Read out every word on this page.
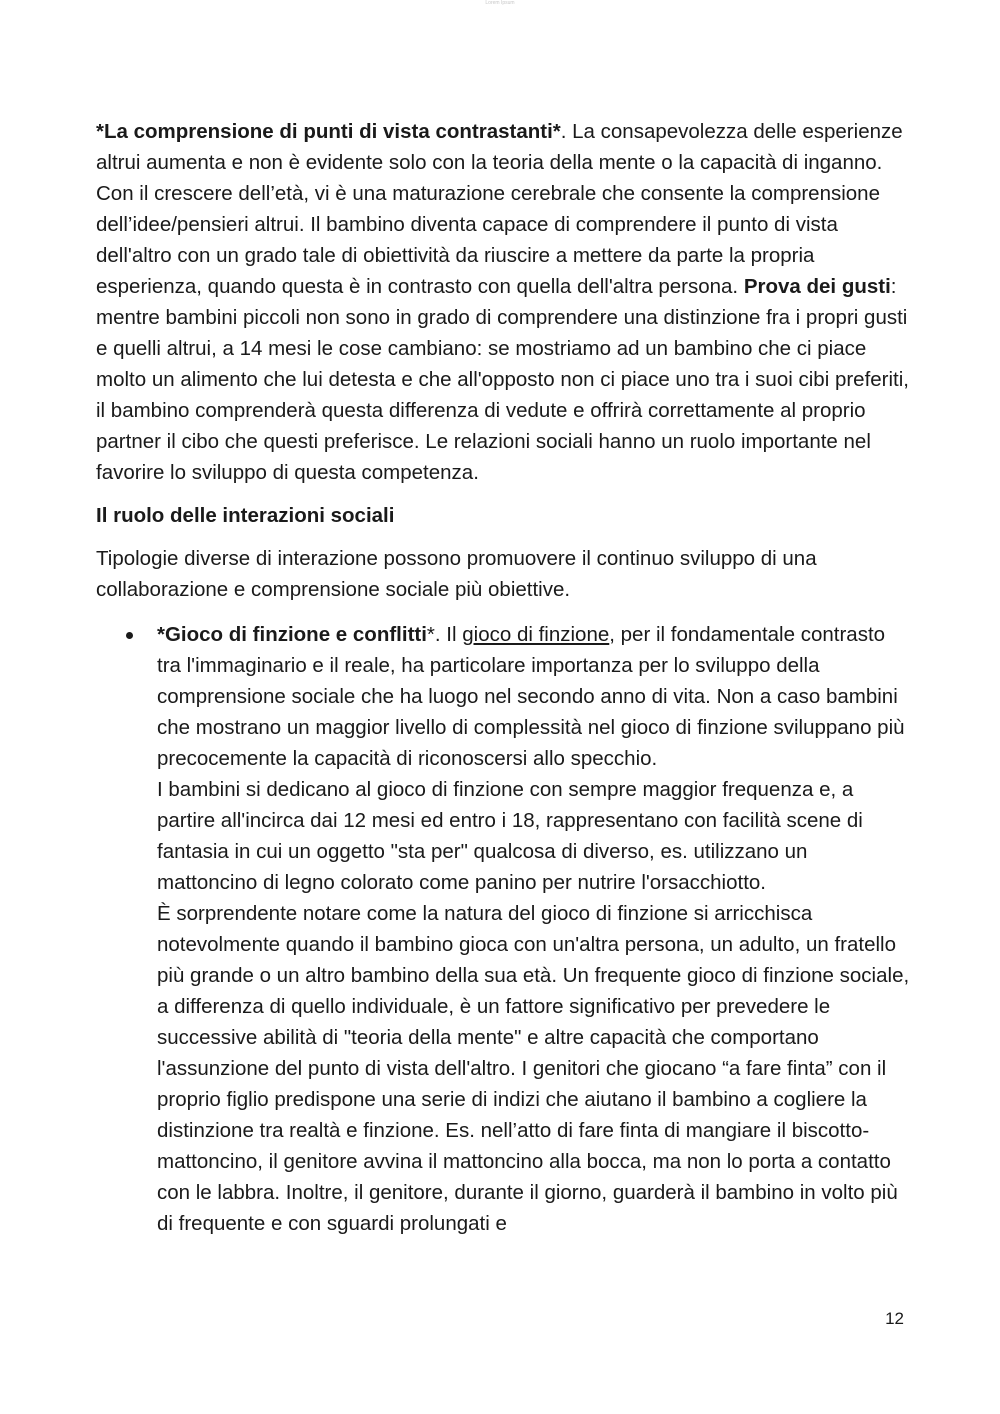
Lorem Ipsum

*La comprensione di punti di vista contrastanti*. La consapevolezza delle esperienze altrui aumenta e non è evidente solo con la teoria della mente o la capacità di inganno. Con il crescere dell’età, vi è una maturazione cerebrale che consente la comprensione dell’idee/pensieri altrui. Il bambino diventa capace di comprendere il punto di vista dell'altro con un grado tale di obiettività da riuscire a mettere da parte la propria esperienza, quando questa è in contrasto con quella dell'altra persona. Prova dei gusti: mentre bambini piccoli non sono in grado di comprendere una distinzione fra i propri gusti e quelli altrui, a 14 mesi le cose cambiano: se mostriamo ad un bambino che ci piace molto un alimento che lui detesta e che all'opposto non ci piace uno tra i suoi cibi preferiti, il bambino comprenderà questa differenza di vedute e offrirà correttamente al proprio partner il cibo che questi preferisce. Le relazioni sociali hanno un ruolo importante nel favorire lo sviluppo di questa competenza.

Il ruolo delle interazioni sociali

Tipologie diverse di interazione possono promuovere il continuo sviluppo di una collaborazione e comprensione sociale più obiettive.

*Gioco di finzione e conflitti*. Il gioco di finzione, per il fondamentale contrasto tra l'immaginario e il reale, ha particolare importanza per lo sviluppo della comprensione sociale che ha luogo nel secondo anno di vita. Non a caso bambini che mostrano un maggior livello di complessità nel gioco di finzione sviluppano più precocemente la capacità di riconoscersi allo specchio.

I bambini si dedicano al gioco di finzione con sempre maggior frequenza e, a partire all'incirca dai 12 mesi ed entro i 18, rappresentano con facilità scene di fantasia in cui un oggetto "sta per" qualcosa di diverso, es. utilizzano un mattoncino di legno colorato come panino per nutrire l'orsacchiotto.

È sorprendente notare come la natura del gioco di finzione si arricchisca notevolmente quando il bambino gioca con un'altra persona, un adulto, un fratello più grande o un altro bambino della sua età. Un frequente gioco di finzione sociale, a differenza di quello individuale, è un fattore significativo per prevedere le successive abilità di "teoria della mente" e altre capacità che comportano l'assunzione del punto di vista dell'altro. I genitori che giocano “a fare finta” con il proprio figlio predispone una serie di indizi che aiutano il bambino a cogliere la distinzione tra realtà e finzione. Es. nell’atto di fare finta di mangiare il biscotto-mattoncino, il genitore avvina il mattoncino alla bocca, ma non lo porta a contatto con le labbra. Inoltre, il genitore, durante il giorno, guarderà il bambino in volto più di frequente e con sguardi prolungati e

12
